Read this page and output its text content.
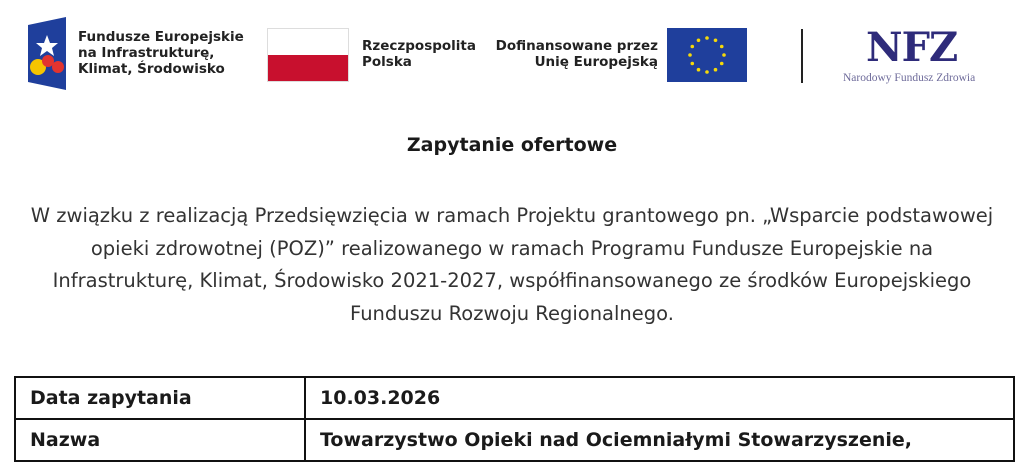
Fundusze Europejskie
na Infrastrukturę,
Klimat, Środowisko
Rzeczpospolita
Polska
Dofinansowane przez
Unię Europejską	NFZ
Narodowy Fundusz Zdrowia
Zapytanie ofertowe
W związku z realizacją Przedsięwzięcia w ramach Projektu grantowego pn. „Wsparcie podstawowej opieki zdrowotnej (POZ)” realizowanego w ramach Programu Fundusze Europejskie na Infrastrukturę, Klimat, Środowisko 2021-2027, współfinansowanego ze środków Europejskiego Funduszu Rozwoju Regionalnego.
Data zapytania	10.03.2026
Nazwa	Towarzystwo Opieki nad Ociemniałymi Stowarzyszenie,
